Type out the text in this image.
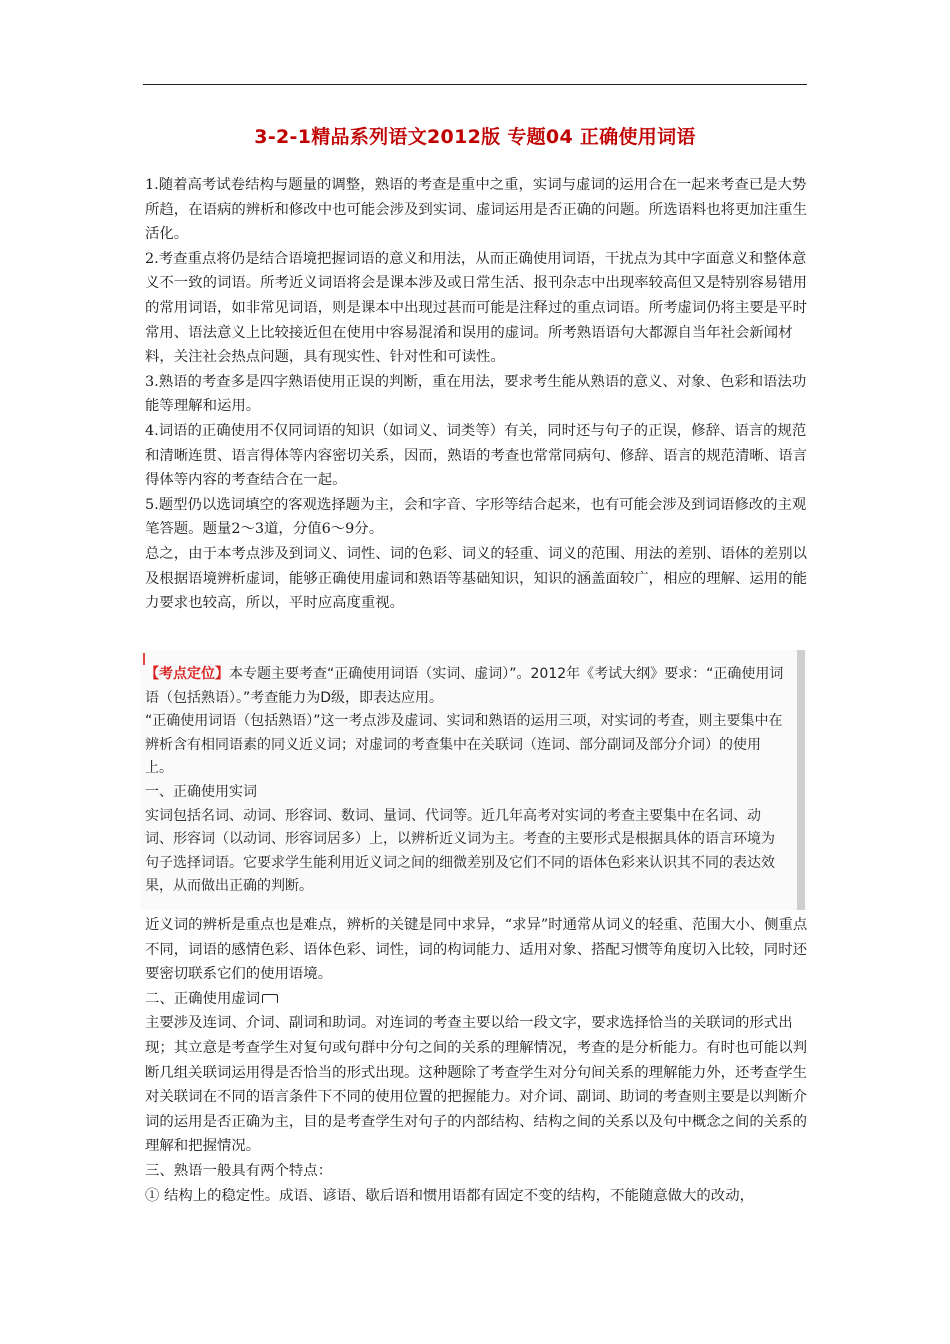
3-2-1精品系列语文2012版 专题04 正确使用词语

1.随着高考试卷结构与题量的调整，熟语的考查是重中之重，实词与虚词的运用合在一起来考查已是大势所趋，在语病的辨析和修改中也可能会涉及到实词、虚词运用是否正确的问题。所选语料也将更加注重生活化。

2.考查重点将仍是结合语境把握词语的意义和用法，从而正确使用词语，干扰点为其中字面意义和整体意义不一致的词语。所考近义词语将会是课本涉及或日常生活、报刊杂志中出现率较高但又是特别容易错用的常用词语，如非常见词语，则是课本中出现过甚而可能是注释过的重点词语。所考虚词仍将主要是平时常用、语法意义上比较接近但在使用中容易混淆和误用的虚词。所考熟语语句大都源自当年社会新闻材料，关注社会热点问题，具有现实性、针对性和可读性。

3.熟语的考查多是四字熟语使用正误的判断，重在用法，要求考生能从熟语的意义、对象、色彩和语法功能等理解和运用。

4.词语的正确使用不仅同词语的知识（如词义、词类等）有关，同时还与句子的正误，修辞、语言的规范和清晰连贯、语言得体等内容密切关系，因而，熟语的考查也常常同病句、修辞、语言的规范清晰、语言得体等内容的考查结合在一起。

5.题型仍以选词填空的客观选择题为主，会和字音、字形等结合起来，也有可能会涉及到词语修改的主观笔答题。题量2～3道，分值6～9分。

总之，由于本考点涉及到词义、词性、词的色彩、词义的轻重、词义的范围、用法的差别、语体的差别以及根据语境辨析虚词，能够正确使用虚词和熟语等基础知识，知识的涵盖面较广，相应的理解、运用的能力要求也较高，所以，平时应高度重视。

【考点定位】本专题主要考查“正确使用词语（实词、虚词）”。2012年《考试大纲》要求：“正确使用词语（包括熟语）。”考查能力为D级，即表达应用。

“正确使用词语（包括熟语）”这一考点涉及虚词、实词和熟语的运用三项，对实词的考查，则主要集中在辨析含有相同语素的同义近义词；对虚词的考查集中在关联词（连词、部分副词及部分介词）的使用上。

一、正确使用实词

实词包括名词、动词、形容词、数词、量词、代词等。近几年高考对实词的考查主要集中在名词、动词、形容词（以动词、形容词居多）上，以辨析近义词为主。考查的主要形式是根据具体的语言环境为句子选择词语。它要求学生能利用近义词之间的细微差别及它们不同的语体色彩来认识其不同的表达效果，从而做出正确的判断。

近义词的辨析是重点也是难点，辨析的关键是同中求异，“求异”时通常从词义的轻重、范围大小、侧重点不同，词语的感情色彩、语体色彩、词性，词的构词能力、适用对象、搭配习惯等角度切入比较，同时还要密切联系它们的使用语境。

二、正确使用虚词

主要涉及连词、介词、副词和助词。对连词的考查主要以给一段文字，要求选择恰当的关联词的形式出现；其立意是考查学生对复句或句群中分句之间的关系的理解情况，考查的是分析能力。有时也可能以判断几组关联词运用得是否恰当的形式出现。这种题除了考查学生对分句间关系的理解能力外，还考查学生对关联词在不同的语言条件下不同的使用位置的把握能力。对介词、副词、助词的考查则主要是以判断介词的运用是否正确为主，目的是考查学生对句子的内部结构、结构之间的关系以及句中概念之间的关系的理解和把握情况。

三、熟语一般具有两个特点：

① 结构上的稳定性。成语、谚语、歇后语和惯用语都有固定不变的结构，不能随意做大的改动，
